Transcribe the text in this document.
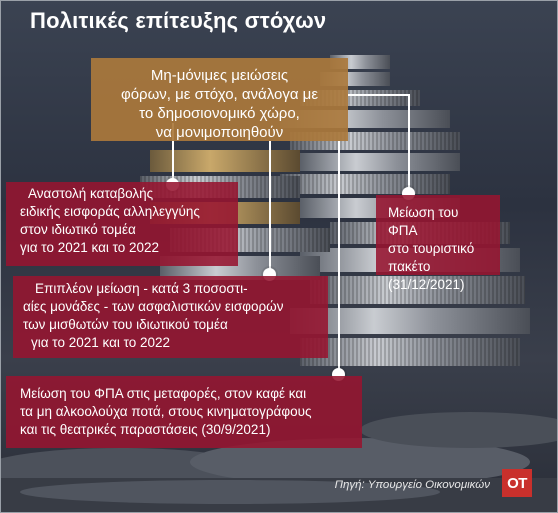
Πολιτικές επίτευξης στόχων
Μη-μόνιμες μειώσεις
φόρων, με στόχο, ανάλογα με
το δημοσιονομικό χώρο,
να μονιμοποιηθούν
Αναστολή καταβολής
ειδικής εισφοράς αλληλεγγύης
στον ιδιωτικό τομέα
για το 2021 και το 2022
Μείωση του ΦΠΑ
στο τουριστικό
πακέτο
(31/12/2021)
Επιπλέον μείωση - κατά 3 ποσοστι-
αίες μονάδες - των ασφαλιστικών εισφορών
των μισθωτών του ιδιωτικού τομέα
για το 2021 και το 2022
Μείωση του ΦΠΑ στις μεταφορές, στον καφέ και
τα μη αλκοολούχα ποτά, στους κινηματογράφους
και τις θεατρικές παραστάσεις (30/9/2021)
Πηγή: Υπουργείο Οικονομικών	OT
